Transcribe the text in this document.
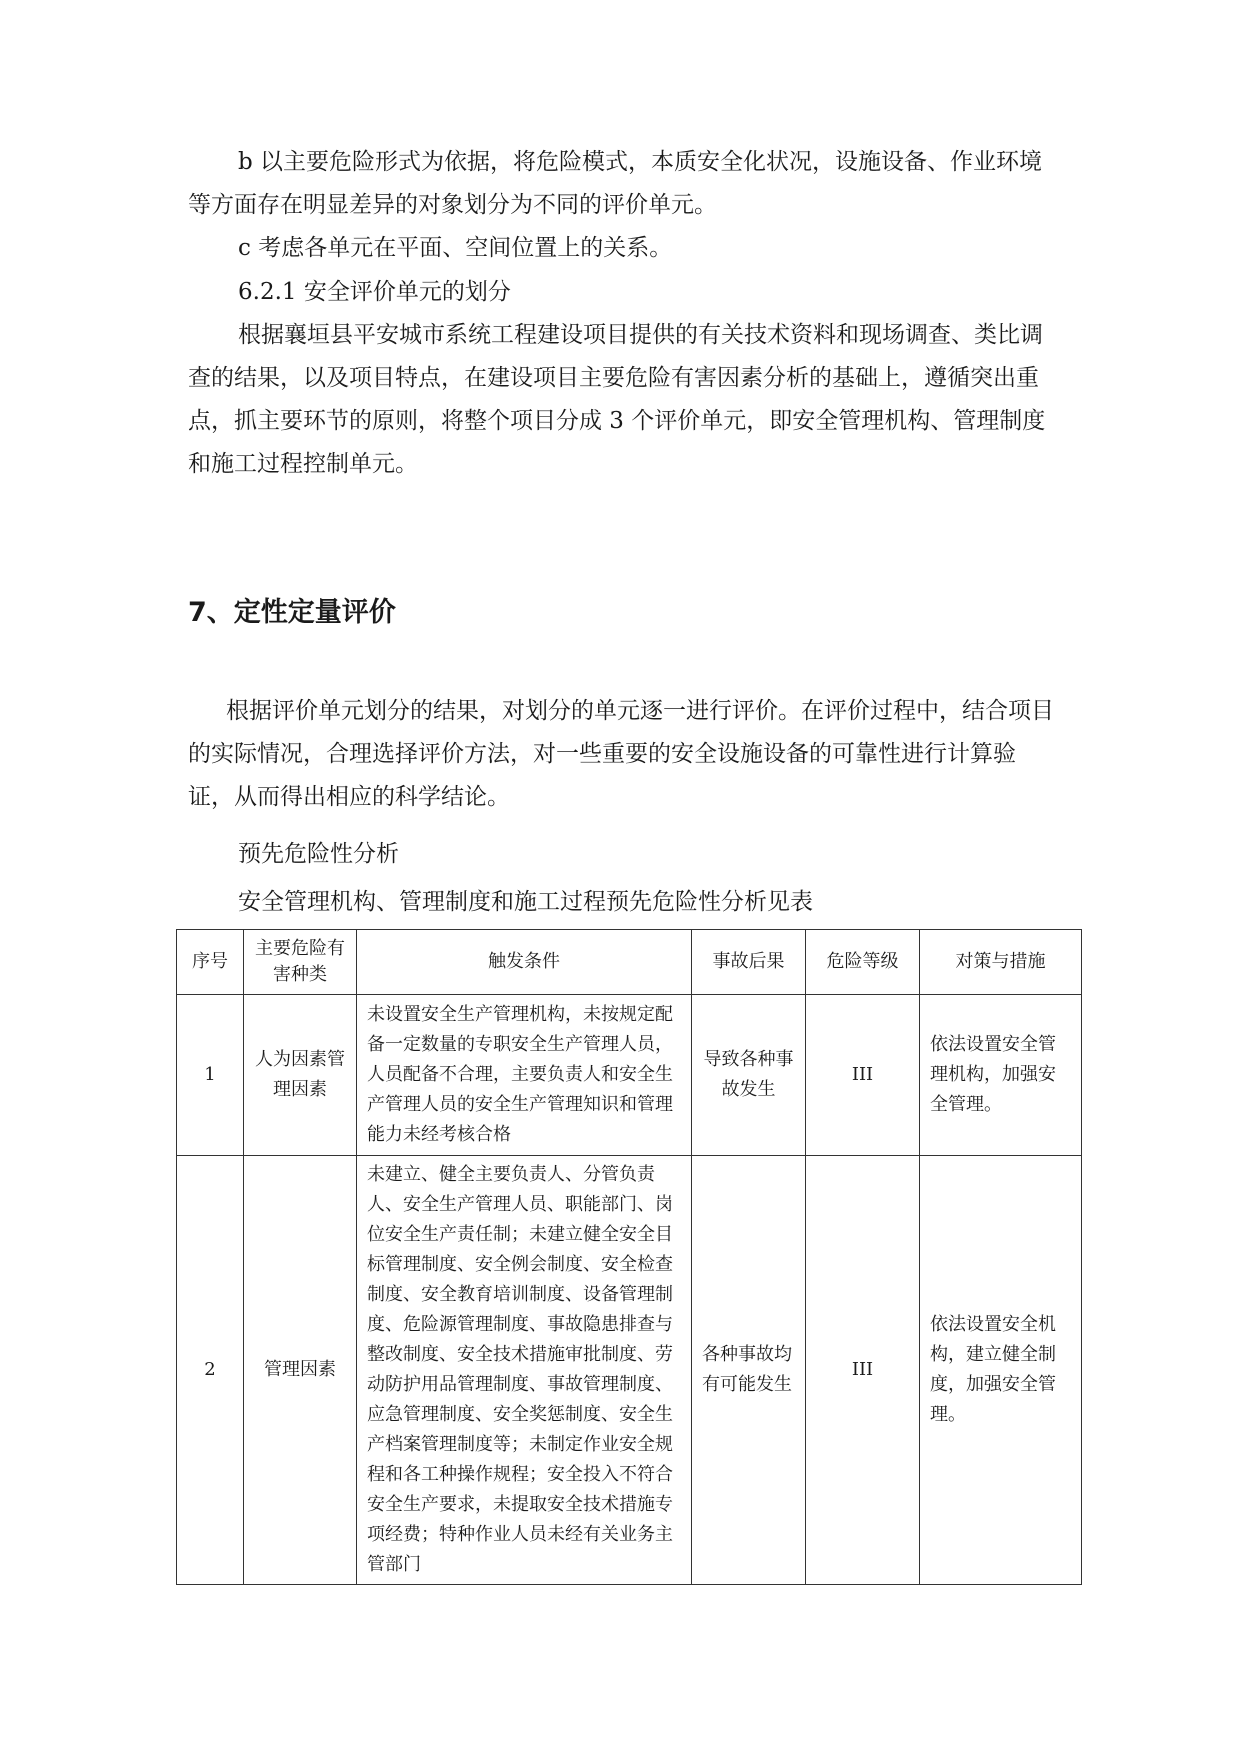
b 以主要危险形式为依据，将危险模式，本质安全化状况，设施设备、作业环境等方面存在明显差异的对象划分为不同的评价单元。

c 考虑各单元在平面、空间位置上的关系。

6.2.1 安全评价单元的划分

根据襄垣县平安城市系统工程建设项目提供的有关技术资料和现场调查、类比调查的结果，以及项目特点，在建设项目主要危险有害因素分析的基础上，遵循突出重点，抓主要环节的原则，将整个项目分成 3 个评价单元，即安全管理机构、管理制度和施工过程控制单元。

7、定性定量评价

根据评价单元划分的结果，对划分的单元逐一进行评价。在评价过程中，结合项目的实际情况，合理选择评价方法，对一些重要的安全设施设备的可靠性进行计算验证，从而得出相应的科学结论。

预先危险性分析

安全管理机构、管理制度和施工过程预先危险性分析见表

序号	主要危险有害种类	触发条件	事故后果	危险等级	对策与措施
1	人为因素管理因素	未设置安全生产管理机构，未按规定配备一定数量的专职安全生产管理人员，人员配备不合理，主要负责人和安全生产管理人员的安全生产管理知识和管理能力未经考核合格	导致各种事故发生	III	依法设置安全管理机构，加强安全管理。
2	管理因素	未建立、健全主要负责人、分管负责人、安全生产管理人员、职能部门、岗位安全生产责任制；未建立健全安全目标管理制度、安全例会制度、安全检查制度、安全教育培训制度、设备管理制度、危险源管理制度、事故隐患排查与整改制度、安全技术措施审批制度、劳动防护用品管理制度、事故管理制度、应急管理制度、安全奖惩制度、安全生产档案管理制度等；未制定作业安全规程和各工种操作规程；安全投入不符合安全生产要求，未提取安全技术措施专项经费；特种作业人员未经有关业务主管部门	各种事故均有可能发生	III	依法设置安全机构，建立健全制度，加强安全管理。
